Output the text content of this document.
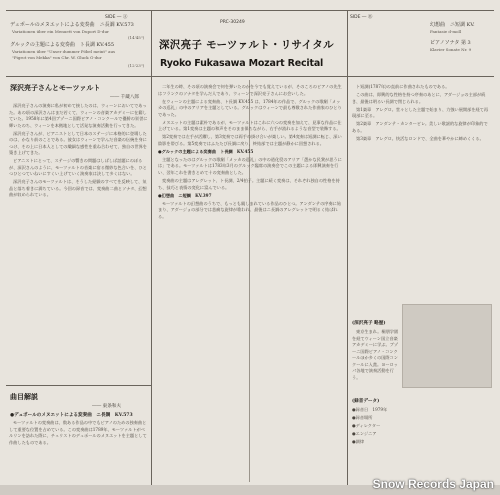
PRC-30249
深沢亮子 モーツァルト・リサイタル
Ryoko Fukasawa Mozart Recital
SIDE ― Ⓐ
デュポールのメヌエットによる変奏曲　ニ長調 KV.573
Variationen über ein Menuett von Duport D-dur
(14'45")
グルックの主題による変奏曲　ト長調 KV.455
Variationen über "Unser dummer Pöbel meint" aus
"Pigrot von Mekka" von Chr. W. Gluck G-dur
(12'23")
SIDE ― Ⓑ
幻想曲　ニ短調 KV.
Fantasie d-moll
ピアノソナタ 第 3
Klavier Sonate Nr. 9
深沢亮子さんとモーツァルト
―― 千蔵八郎

深沢亮子さんの演奏に私が初めて接したのは、ウィーンにおいてであった。あの頃の深沢さんはまだ若くて、ウィーンの音楽アカデミーに在籍していた。1958年に第4回ブゾーニ国際ピアノ・コンクールで優勝の栄誉に輝いたのち、ウィーンを本拠地として活発な演奏活動を行ってきた。

深沢亮子さんが、ピアニストとして日本のステージに本格的に登場したのは、かなり前のことである。彼女はウィーンで学んだ音楽の伝統を身につけ、その上に日本人としての繊細な感性を重ね合わせて、独自の世界を築き上げてきた。

ピアニストにとって、ステージの響きの問題はしばしば話題にのぼるが、深沢さんのように、モーツァルトの音楽に宿る微妙な色合いを、ひとつひとつていねいにすくい上げていく演奏家は決して多くはない。

深沢亮子さんのモーツァルトは、そうした経験のすべてを反映して、気品と落ち着きに満ちている。今回の録音では、変奏曲二曲とソナタ、幻想曲が収められている。

曲目解説
―― 東条和夫
●デュポールのメヌエットによる変奏曲　ニ長調　KV.573

モーツァルトの変奏曲は、数ある作品の中でもピアノのための独奏曲として重要な位置を占めている。この変奏曲は1789年、モーツァルトがベルリンを訪れた際に、チェリストのデュポールのメヌエットを主題として作曲したものである。

二年生の時、その頃の演奏会で何を弾いたのかを今でも覚えているが、そのころのピアノの先生はフランクのソナタを学んだ人であり、ウィーンで深沢亮子さんにお会いした。

在ウィーンの主題による変奏曲、ト長調 KV.455 は、1784年の作品で、グルックの歌劇「メッカの巡礼」の中のアリアを主題としている。グルックはウィーンで最も尊敬された作曲家のひとりであった。

メヌエットの主題は素朴であるが、モーツァルトはこれに六つの変奏を加えて、見事な作品に仕上げている。第1変奏は主題の和声をそのまま保ちながら、右手が流れるような音型で装飾する。

第2変奏では左手が活躍し、第3変奏では両手の掛け合いが楽しい。第4変奏は短調に転じ、深い陰影を帯びる。第5変奏ではふたたび長調に戻り、終結部では主題が静かに回想される。

●グルックの主題による変奏曲　ト長調　KV.455

主題となったのはグルックの歌劇「メッカの巡礼」の中の道化役のアリア「愚かな民衆が思うには」である。モーツァルトは1783年3月のグルック臨席の演奏会でこの主題による即興演奏を行い、翌年これを書きとめて十の変奏曲とした。

変奏曲の主題はアレグレット、ト長調、2/4拍子。主題に続く変奏は、それぞれ独自の性格を持ち、技巧と表情の変化に富んでいる。

●幻想曲　ニ短調　KV.397

モーツァルトの幻想曲のうちで、もっとも親しまれている作品のひとつ。アンダンテの序奏に始まり、アダージョの部分では悲痛な旋律が歌われ、最後はニ長調のアレグレットで明るく結ばれる。

ト短調(1787年)の直前に作曲されたものである。

この曲は、即興的な性格を持つ序奏のあとに、アダージョの主部が続き、最後は明るい長調で閉じられる。

第1楽章　アレグロ。堂々とした主題で始まり、力強い展開部を経て再現部に至る。

第2楽章　アンダンテ・カンタービレ。美しい歌謡的な旋律が印象的である。

第3楽章　アレグロ。快活なロンドで、全曲を華やかに締めくくる。

(深沢亮子 略歴)

東京生まれ。桐朋学園を経てウィーン国立音楽アカデミーに学ぶ。ブゾーニ国際ピアノ・コンクールほか多くの国際コンクールに入賞。ヨーロッパ各地で演奏活動を行う。

(録音データ)

●録音日　1979年

●録音場所

●ディレクター

●エンジニア

●調律

Snow Records Japan
